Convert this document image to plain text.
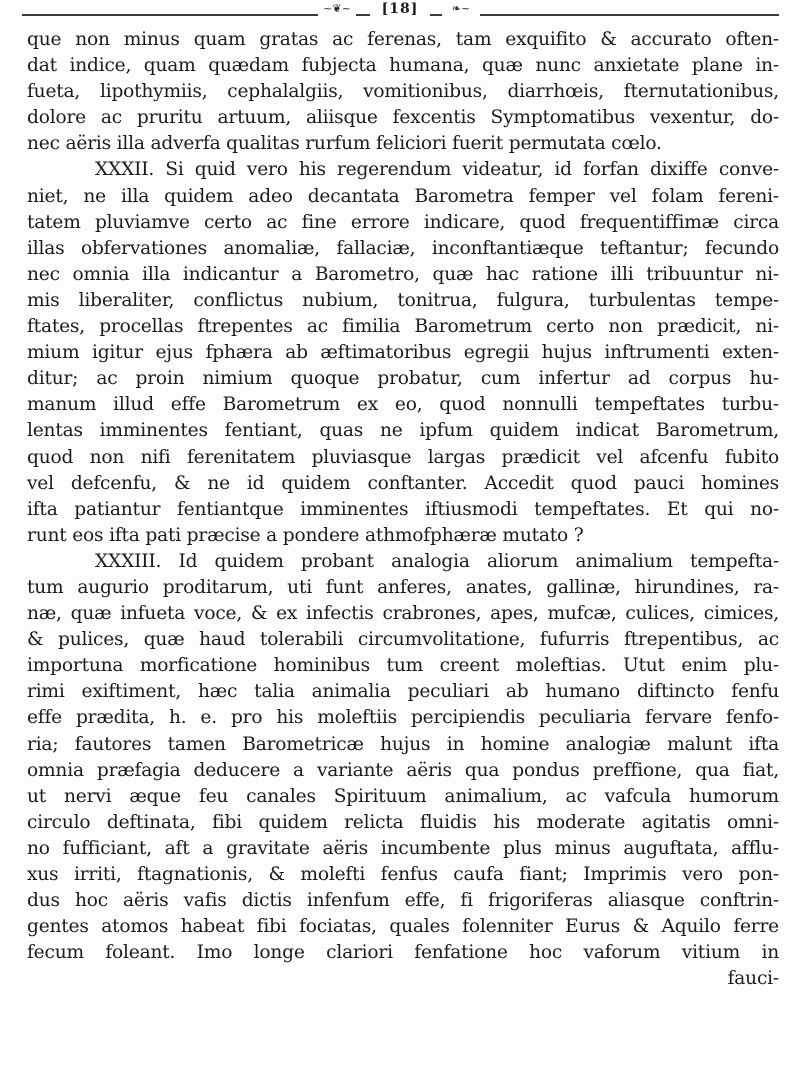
~❦~	[18]	❧~
que non minus quam gratas ac ferenas, tam exquifito & accurato often-
dat indice, quam quædam fubjecta humana, quæ nunc anxietate plane in-
fueta, lipothymiis, cephalalgiis, vomitionibus, diarrhœis, fternutationibus,
dolore ac pruritu artuum, aliisque fexcentis Symptomatibus vexentur, do-
nec aëris illa adverfa qualitas rurfum feliciori fuerit permutata cœlo.
XXXII. Si quid vero his regerendum videatur, id forfan dixiffe conve-
niet, ne illa quidem adeo decantata Barometra femper vel folam fereni-
tatem pluviamve certo ac fine errore indicare, quod frequentiffimæ circa
illas obfervationes anomaliæ, fallaciæ, inconftantiæque teftantur; fecundo
nec omnia illa indicantur a Barometro, quæ hac ratione illi tribuuntur ni-
mis liberaliter, conflictus nubium, tonitrua, fulgura, turbulentas tempe-
ftates, procellas ftrepentes ac fimilia Barometrum certo non prædicit, ni-
mium igitur ejus fphæra ab æftimatoribus egregii hujus inftrumenti exten-
ditur; ac proin nimium quoque probatur, cum infertur ad corpus hu-
manum illud effe Barometrum ex eo, quod nonnulli tempeftates turbu-
lentas imminentes fentiant, quas ne ipfum quidem indicat Barometrum,
quod non nifi ferenitatem pluviasque largas prædicit vel afcenfu fubito
vel defcenfu, & ne id quidem conftanter. Accedit quod pauci homines
ifta patiantur fentiantque imminentes iftiusmodi tempeftates. Et qui no-
runt eos ifta pati præcise a pondere athmofphæræ mutato ?
XXXIII. Id quidem probant analogia aliorum animalium tempefta-
tum augurio proditarum, uti funt anferes, anates, gallinæ, hirundines, ra-
næ, quæ infueta voce, & ex infectis crabrones, apes, mufcæ, culices, cimices,
& pulices, quæ haud tolerabili circumvolitatione, fufurris ftrepentibus, ac
importuna morficatione hominibus tum creent moleftias. Utut enim plu-
rimi exiftiment, hæc talia animalia peculiari ab humano diftincto fenfu
effe prædita, h. e. pro his moleftiis percipiendis peculiaria fervare fenfo-
ria; fautores tamen Barometricæ hujus in homine analogiæ malunt ifta
omnia præfagia deducere a variante aëris qua pondus preffione, qua fiat,
ut nervi æque feu canales Spirituum animalium, ac vafcula humorum
circulo deftinata, fibi quidem relicta fluidis his moderate agitatis omni-
no fufficiant, aft a gravitate aëris incumbente plus minus auguftata, afflu-
xus irriti, ftagnationis, & molefti fenfus caufa fiant; Imprimis vero pon-
dus hoc aëris vafis dictis infenfum effe, fi frigoriferas aliasque conftrin-
gentes atomos habeat fibi fociatas, quales folenniter Eurus & Aquilo ferre
fecum foleant. Imo longe clariori fenfatione hoc vaforum vitium in
fauci-
